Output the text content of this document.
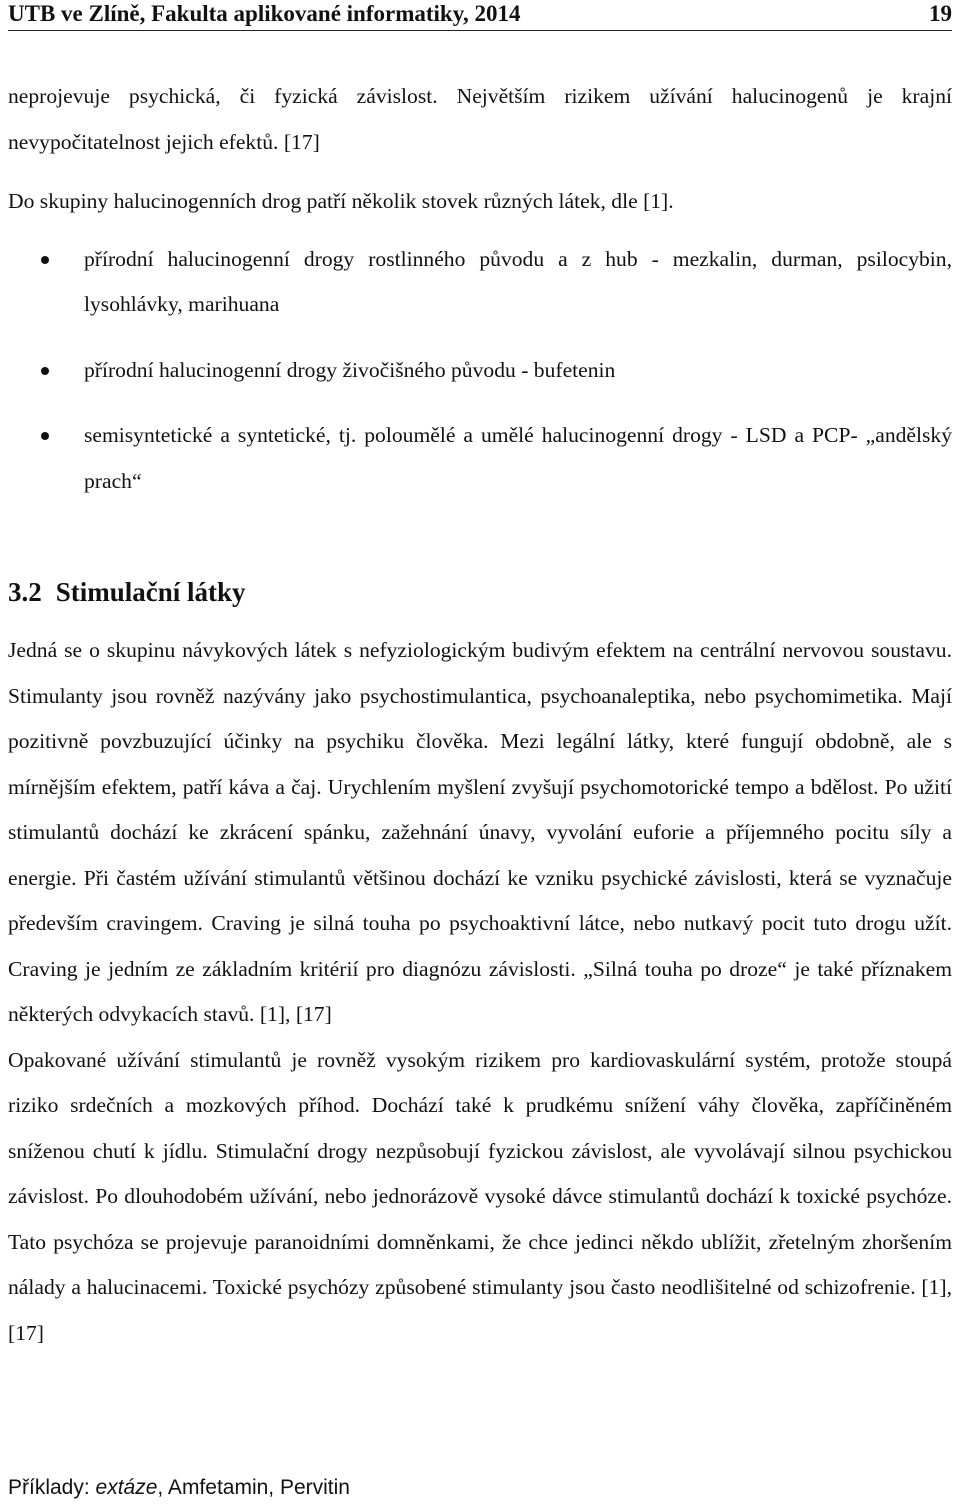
UTB ve Zlíně, Fakulta aplikované informatiky, 2014	19

neprojevuje psychická, či fyzická závislost. Největším rizikem užívání halucinogenů je krajní nevypočitatelnost jejich efektů. [17]

Do skupiny halucinogenních drog patří několik stovek různých látek, dle [1].

přírodní halucinogenní drogy rostlinného původu a z hub - mezkalin, durman, psilocybin, lysohlávky, marihuana
přírodní halucinogenní drogy živočišného původu - bufetenin
semisyntetické a syntetické, tj. poloumělé a umělé halucinogenní drogy - LSD a PCP- „andělský prach“
3.2 Stimulační látky

Jedná se o skupinu návykových látek s nefyziologickým budivým efektem na centrální nervovou soustavu. Stimulanty jsou rovněž nazývány jako psychostimulantica, psychoanaleptika, nebo psychomimetika. Mají pozitivně povzbuzující účinky na psychiku člověka. Mezi legální látky, které fungují obdobně, ale s mírnějším efektem, patří káva a čaj. Urychlením myšlení zvyšují psychomotorické tempo a bdělost. Po užití stimulantů dochází ke zkrácení spánku, zažehnání únavy, vyvolání euforie a příjemného pocitu síly a energie. Při častém užívání stimulantů většinou dochází ke vzniku psychické závislosti, která se vyznačuje především cravingem. Craving je silná touha po psychoaktivní látce, nebo nutkavý pocit tuto drogu užít. Craving je jedním ze základním kritérií pro diagnózu závislosti. „Silná touha po droze“ je také příznakem některých odvykacích stavů. [1], [17]

Opakované užívání stimulantů je rovněž vysokým rizikem pro kardiovaskulární systém, protože stoupá riziko srdečních a mozkových příhod. Dochází také k prudkému snížení váhy člověka, zapříčiněném sníženou chutí k jídlu. Stimulační drogy nezpůsobují fyzickou závislost, ale vyvolávají silnou psychickou závislost. Po dlouhodobém užívání, nebo jednorázově vysoké dávce stimulantů dochází k toxické psychóze. Tato psychóza se projevuje paranoidními domněnkami, že chce jedinci někdo ublížit, zřetelným zhoršením nálady a halucinacemi. Toxické psychózy způsobené stimulanty jsou často neodlišitelné od schizofrenie. [1], [17]

Příklady: extáze, Amfetamin, Pervitin
